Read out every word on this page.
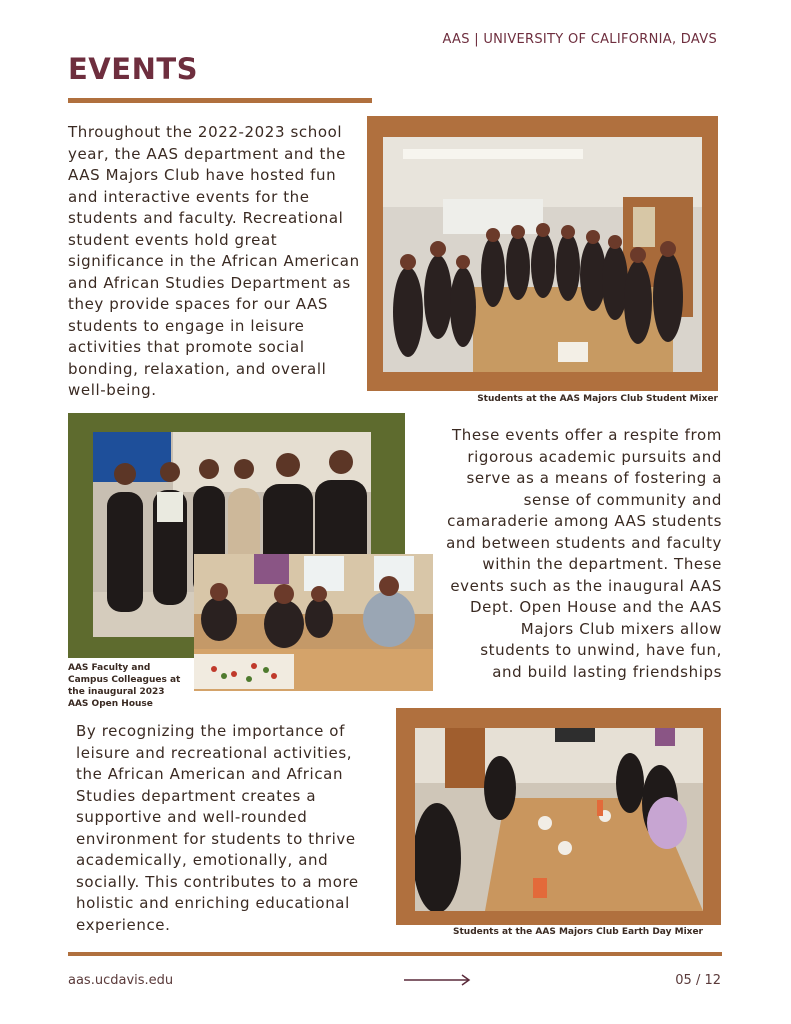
AAS | UNIVERSITY OF CALIFORNIA, DAVS
EVENTS
Throughout the 2022-2023 school year, the AAS department and the AAS Majors Club have hosted fun and interactive events for the students and faculty. Recreational student events hold great significance in the African American and African Studies Department as they provide spaces for our AAS students to engage in leisure activities that promote social bonding, relaxation, and overall well-being.	Students at the AAS Majors Club Student Mixer
AAS Faculty and Campus Colleagues at the inaugural 2023 AAS Open House
These events offer a respite from rigorous academic pursuits and serve as a means of fostering a sense of community and camaraderie among AAS students and between students and faculty within the department. These events such as the inaugural AAS Dept. Open House and the AAS Majors Club mixers allow students to unwind, have fun, and build lasting friendships
By recognizing the importance of leisure and recreational activities, the African American and African Studies department creates a supportive and well-rounded environment for students to thrive academically, emotionally, and socially. This contributes to a more holistic and enriching educational experience.	Students at the AAS Majors Club Earth Day Mixer
aas.ucdavis.edu	05 / 12
